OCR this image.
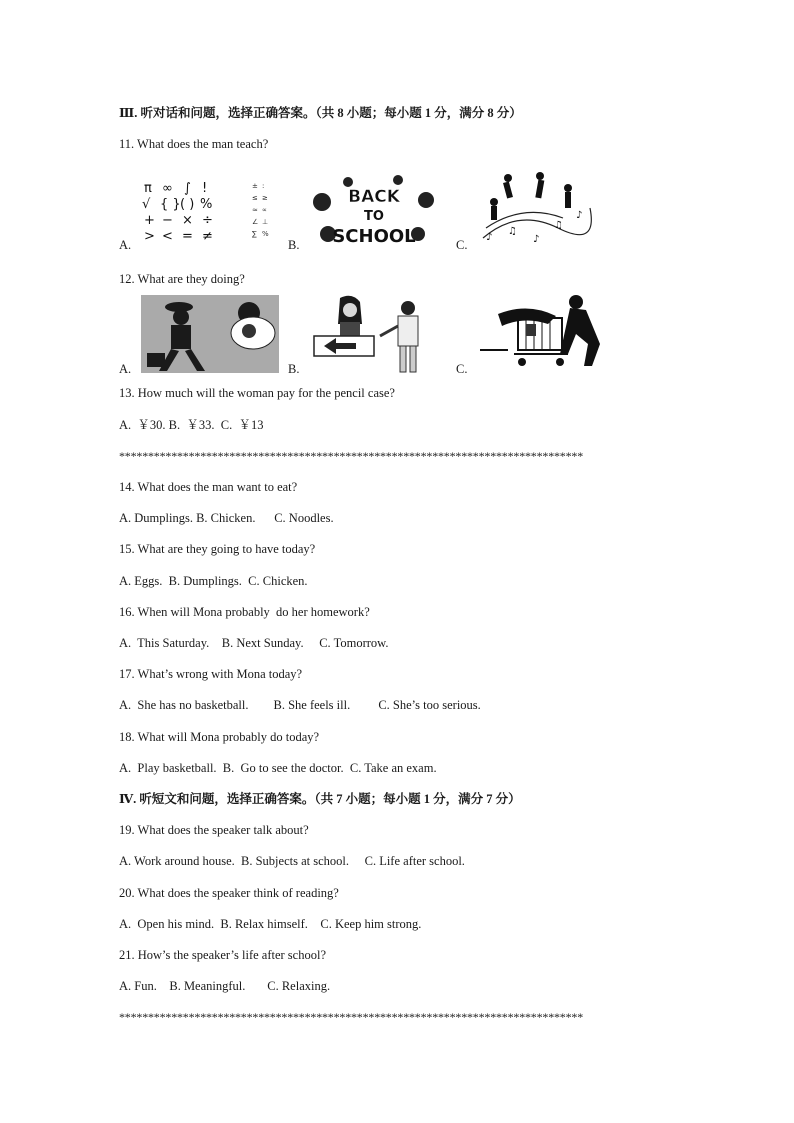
Ⅲ. 听对话和问题，选择正确答案。（共 8 小题；每小题 1 分，满分 8 分）
11. What does the man teach?
A.
π ∞ ∫ !
√ { } ( ) %
+ − × ÷
> < = ≠
± :
≤ ≥
≈ ∝
∠ ⊥
∑ %
B.
BACK
TO
SCHOOL	C.
♪
♫
♪
♫
♪
12. What are they doing?
A.	B.	C.
13. How much will the woman pay for the pencil case?
A.  ￥30. B.  ￥33.  C.  ￥13
********************************************************************************
14. What does the man want to eat?
A. Dumplings. B. Chicken.      C. Noodles.
15. What are they going to have today?
A. Eggs.  B. Dumplings.  C. Chicken.
16. When will Mona probably  do her homework?
A.  This Saturday.    B. Next Sunday.     C. Tomorrow.
17. What’s wrong with Mona today?
A.  She has no basketball.        B. She feels ill.         C. She’s too serious.
18. What will Mona probably do today?
A.  Play basketball.  B.  Go to see the doctor.  C. Take an exam.
Ⅳ. 听短文和问题，选择正确答案。（共 7 小题；每小题 1 分，满分 7 分）
19. What does the speaker talk about?
A. Work around house.  B. Subjects at school.     C. Life after school.
20. What does the speaker think of reading?
A.  Open his mind.  B. Relax himself.    C. Keep him strong.
21. How’s the speaker’s life after school?
A. Fun.    B. Meaningful.       C. Relaxing.
********************************************************************************
